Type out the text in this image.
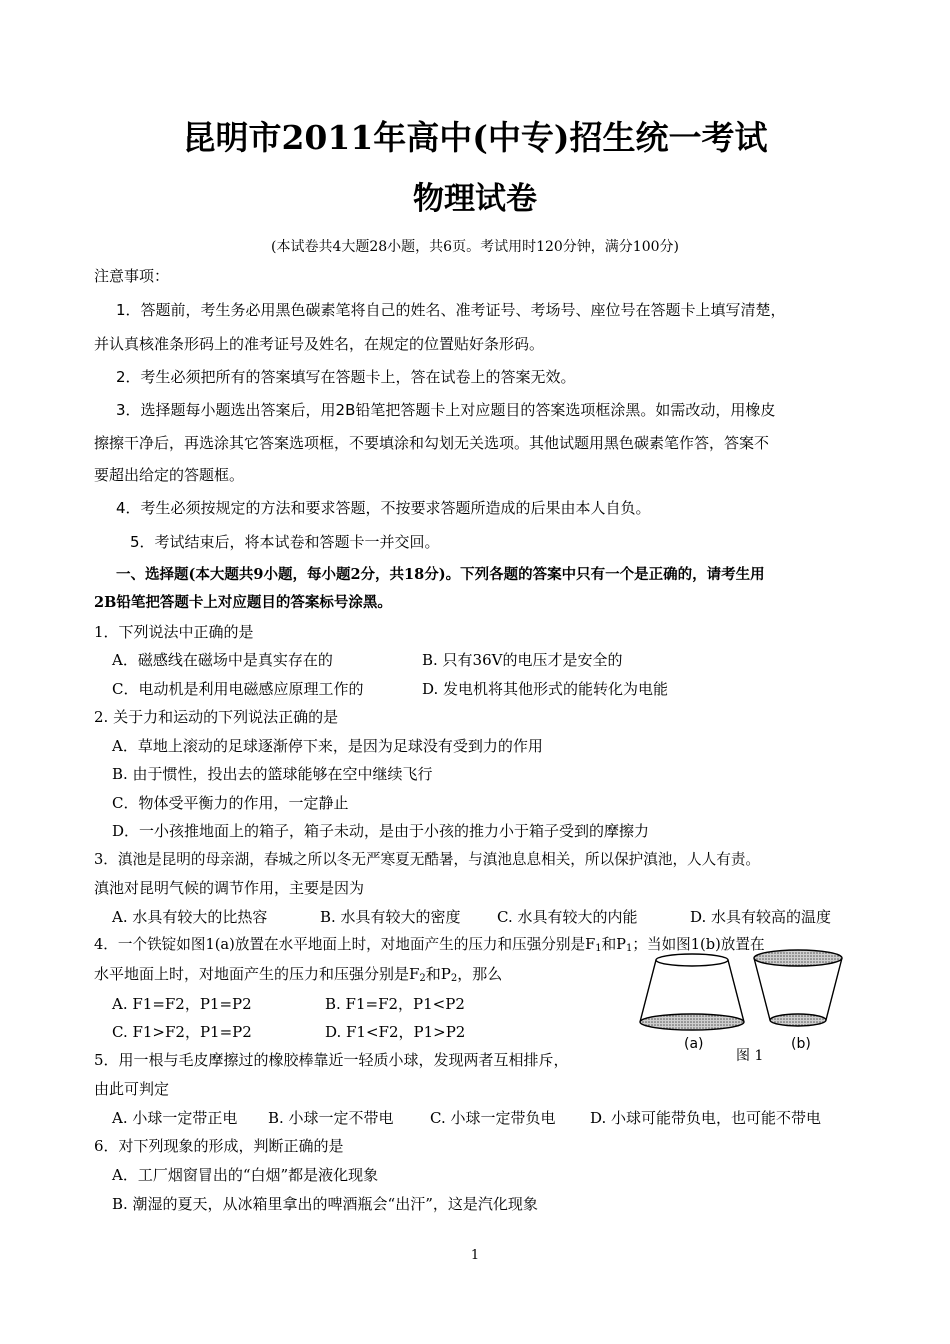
昆明市2011年高中(中专)招生统一考试
物理试卷
(本试卷共4大题28小题，共6页。考试用时120分钟，满分100分)
注意事项：
1．答题前，考生务必用黑色碳素笔将自己的姓名、准考证号、考场号、座位号在答题卡上填写清楚，
并认真核准条形码上的准考证号及姓名，在规定的位置贴好条形码。
2．考生必须把所有的答案填写在答题卡上，答在试卷上的答案无效。
3．选择题每小题选出答案后，用2B铅笔把答题卡上对应题目的答案选项框涂黑。如需改动，用橡皮
擦擦干净后，再选涂其它答案选项框，不要填涂和勾划无关选项。其他试题用黑色碳素笔作答，答案不
要超出给定的答题框。
4．考生必须按规定的方法和要求答题，不按要求答题所造成的后果由本人自负。
5．考试结束后，将本试卷和答题卡一并交回。
一、选择题(本大题共9小题，每小题2分，共18分)。下列各题的答案中只有一个是正确的，请考生用
2B铅笔把答题卡上对应题目的答案标号涂黑。
1．下列说法中正确的是
A．磁感线在磁场中是真实存在的	B. 只有36V的电压才是安全的
C．电动机是利用电磁感应原理工作的	D. 发电机将其他形式的能转化为电能
2. 关于力和运动的下列说法正确的是
A．草地上滚动的足球逐渐停下来，是因为足球没有受到力的作用
B. 由于惯性，投出去的篮球能够在空中继续飞行
C．物体受平衡力的作用，一定静止
D．一小孩推地面上的箱子，箱子未动，是由于小孩的推力小于箱子受到的摩擦力
3．滇池是昆明的母亲湖，春城之所以冬无严寒夏无酷暑，与滇池息息相关，所以保护滇池，人人有责。
滇池对昆明气候的调节作用，主要是因为
A. 水具有较大的比热容	B. 水具有较大的密度 C. 水具有较大的内能	D. 水具有较高的温度
4．一个铁锭如图1(a)放置在水平地面上时，对地面产生的压力和压强分别是$F_1$和$P_1$；当如图1(b)放置在
水平地面上时，对地面产生的压力和压强分别是$F_2$和$P_2$，那么
A. F1=F2，P1=P2	B. F1=F2，P1<P2
C. F1>F2，P1=P2	D. F1<F2，P1>P2
(a)
图 1
(b)
5．用一根与毛皮摩擦过的橡胶棒靠近一轻质小球，发现两者互相排斥，
由此可判定
A. 小球一定带正电 B. 小球一定不带电 C. 小球一定带负电 D. 小球可能带负电，也可能不带电
6．对下列现象的形成，判断正确的是
A．工厂烟窗冒出的“白烟”都是液化现象
B. 潮湿的夏天，从冰箱里拿出的啤酒瓶会“出汗”，这是汽化现象
1
